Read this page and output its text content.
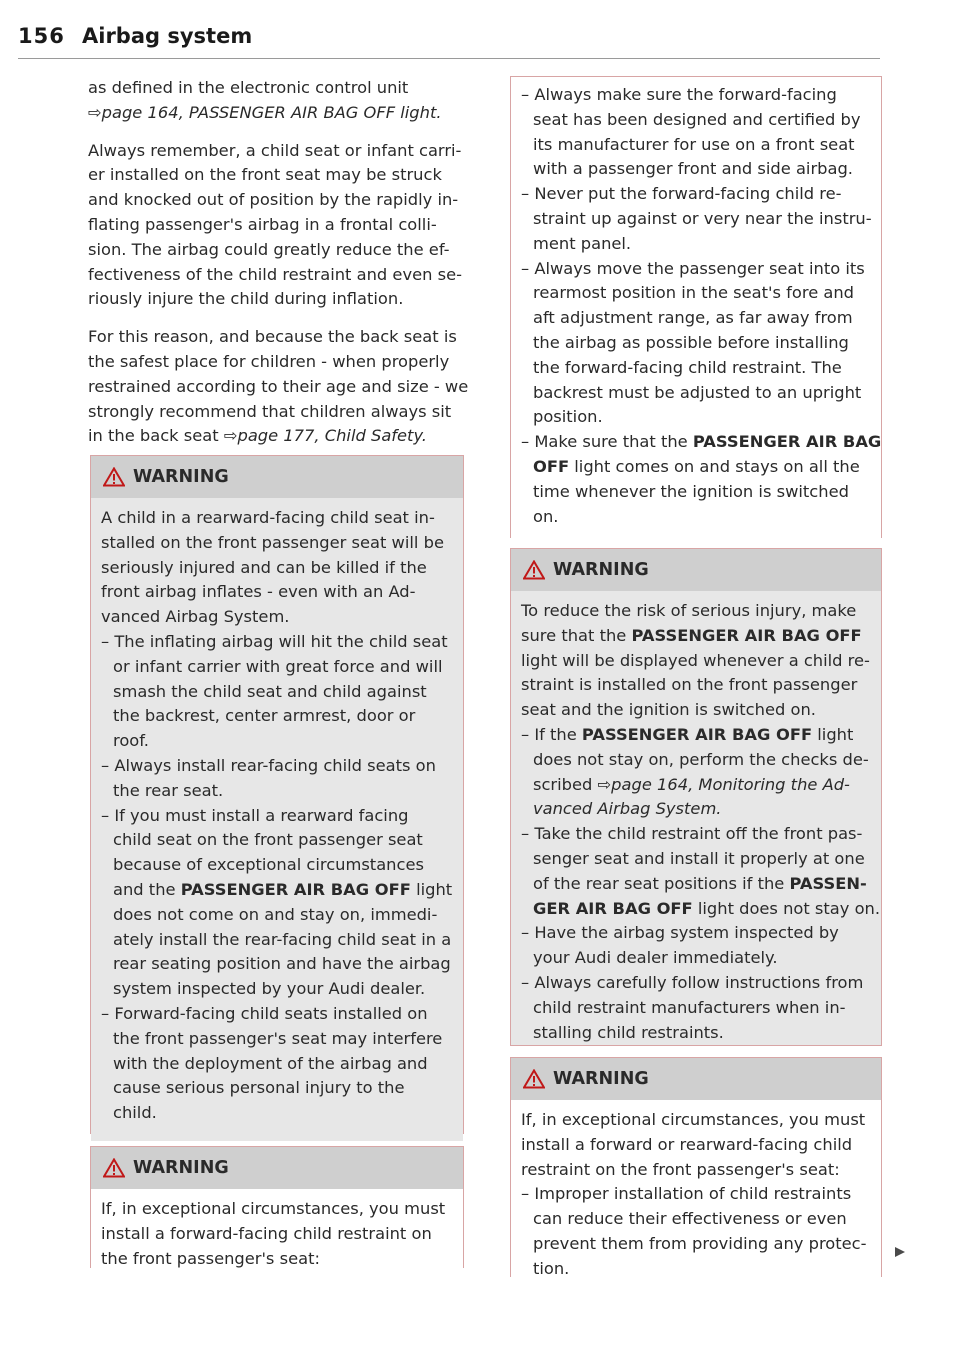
156 Airbag system
as defined in the electronic control unit
⇨page 164, PASSENGER AIR BAG OFF light.
Always remember, a child seat or infant carri-
er installed on the front seat may be struck
and knocked out of position by the rapidly in-
flating passenger's airbag in a frontal colli-
sion. The airbag could greatly reduce the ef-
fectiveness of the child restraint and even se-
riously injure the child during inflation.
For this reason, and because the back seat is
the safest place for children - when properly
restrained according to their age and size - we
strongly recommend that children always sit
in the back seat ⇨page 177, Child Safety.
WARNING
A child in a rearward-facing child seat in-
stalled on the front passenger seat will be
seriously injured and can be killed if the
front airbag inflates - even with an Ad-
vanced Airbag System.
– The inflating airbag will hit the child seat
or infant carrier with great force and will
smash the child seat and child against
the backrest, center armrest, door or
roof.
– Always install rear-facing child seats on
the rear seat.
– If you must install a rearward facing
child seat on the front passenger seat
because of exceptional circumstances
and the PASSENGER AIR BAG OFF light
does not come on and stay on, immedi-
ately install the rear-facing child seat in a
rear seating position and have the airbag
system inspected by your Audi dealer.
– Forward-facing child seats installed on
the front passenger's seat may interfere
with the deployment of the airbag and
cause serious personal injury to the
child.
WARNING
If, in exceptional circumstances, you must
install a forward-facing child restraint on
the front passenger's seat:
– Always make sure the forward-facing
seat has been designed and certified by
its manufacturer for use on a front seat
with a passenger front and side airbag.
– Never put the forward-facing child re-
straint up against or very near the instru-
ment panel.
– Always move the passenger seat into its
rearmost position in the seat's fore and
aft adjustment range, as far away from
the airbag as possible before installing
the forward-facing child restraint. The
backrest must be adjusted to an upright
position.
– Make sure that the PASSENGER AIR BAG
OFF light comes on and stays on all the
time whenever the ignition is switched
on.
WARNING
To reduce the risk of serious injury, make
sure that the PASSENGER AIR BAG OFF
light will be displayed whenever a child re-
straint is installed on the front passenger
seat and the ignition is switched on.
– If the PASSENGER AIR BAG OFF light
does not stay on, perform the checks de-
scribed ⇨page 164, Monitoring the Ad-
vanced Airbag System.
– Take the child restraint off the front pas-
senger seat and install it properly at one
of the rear seat positions if the PASSEN-
GER AIR BAG OFF light does not stay on.
– Have the airbag system inspected by
your Audi dealer immediately.
– Always carefully follow instructions from
child restraint manufacturers when in-
stalling child restraints.
WARNING
If, in exceptional circumstances, you must
install a forward or rearward-facing child
restraint on the front passenger's seat:
– Improper installation of child restraints
can reduce their effectiveness or even
prevent them from providing any protec-
tion.
